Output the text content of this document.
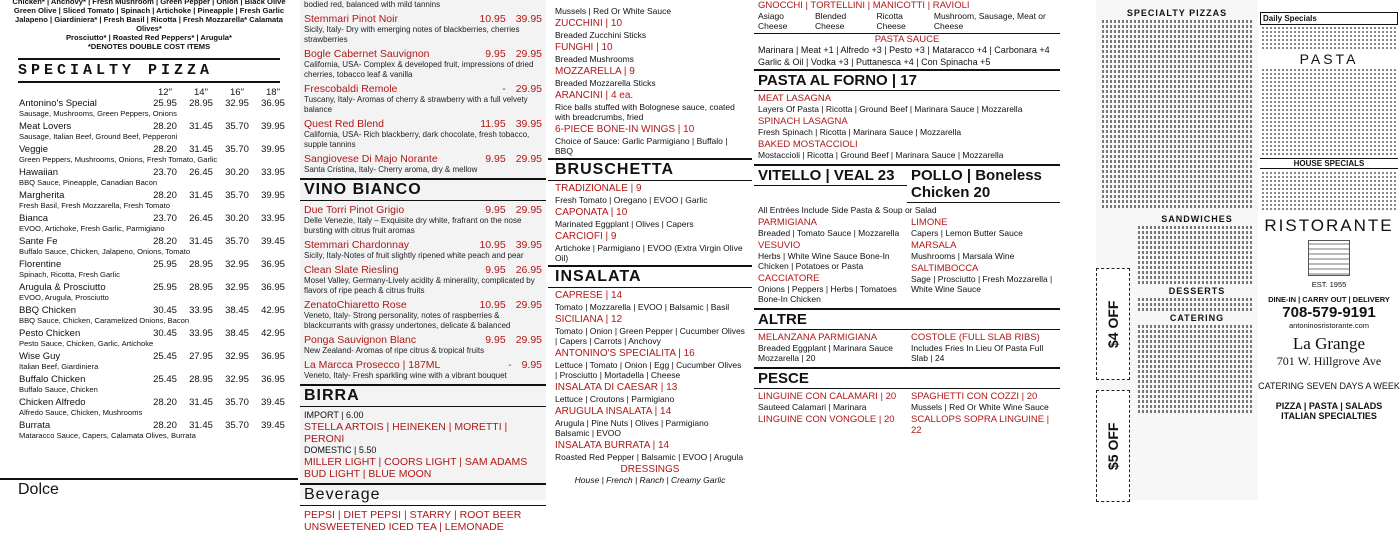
Chicken* | Anchovy* | Fresh Mushroom | Green Pepper | Onion | Black Olive
Green Olive | Sliced Tomato | Spinach | Artichoke | Pineapple | Fresh Garlic
Jalapeno | Giardiniera* | Fresh Basil | Ricotta | Fresh Mozzarella* Calamata Olives*
Prosciutto* | Roasted Red Peppers* | Arugula*
*DENOTES DOUBLE COST ITEMS
SPECIALTY PIZZA
12"	14"	16"	18"
Antonino's Special	25.95	28.95	32.95	36.95
Sausage, Mushrooms, Green Peppers, Onions
Meat Lovers	28.20	31.45	35.70	39.95
Sausage, Italian Beef, Ground Beef, Pepperoni
Veggie	28.20	31.45	35.70	39.95
Green Peppers, Mushrooms, Onions, Fresh Tomato, Garlic
Hawaiian	23.70	26.45	30.20	33.95
BBQ Sauce, Pineapple, Canadian Bacon
Margherita	28.20	31.45	35.70	39.95
Fresh Basil, Fresh Mozzarella, Fresh Tomato
Bianca	23.70	26.45	30.20	33.95
EVOO, Artichoke, Fresh Garlic, Parmigiano
Sante Fe	28.20	31.45	35.70	39.45
Buffalo Sauce, Chicken, Jalapeno, Onions, Tomato
Florentine	25.95	28.95	32.95	36.95
Spinach, Ricotta, Fresh Garlic
Arugula & Prosciutto	25.95	28.95	32.95	36.95
EVOO, Arugula, Prosciutto
BBQ Chicken	30.45	33.95	38.45	42.95
BBQ Sauce, Chicken, Caramelized Onions, Bacon
Pesto Chicken	30.45	33.95	38.45	42.95
Pesto Sauce, Chicken, Garlic, Artichoke
Wise Guy	25.45	27.95	32.95	36.95
Italian Beef, Giardiniera
Buffalo Chicken	25.45	28.95	32.95	36.95
Buffalo Sauce, Chicken
Chicken Alfredo	28.20	31.45	35.70	39.45
Alfredo Sauce, Chicken, Mushrooms
Burrata	28.20	31.45	35.70	39.45
Mataracco Sauce, Capers, Calamata Olives, Burrata
Dolce
bodied red, balanced with mild tannins
Stemmari Pinot Noir	10.95 39.95
Sicily, Italy- Dry with emerging notes of blackberries, cherries strawberries
Bogle Cabernet Sauvignon	9.95 29.95
California, USA- Complex & developed fruit, impressions of dried cherries, tobacco leaf & vanilla
Frescobaldi Remole	- 29.95
Tuscany, Italy- Aromas of cherry & strawberry with a full velvety balance
Quest Red Blend	11.95 39.95
California, USA- Rich blackberry, dark chocolate, fresh tobacco, supple tannins
Sangiovese Di Majo Norante	9.95 29.95
Santa Cristina, Italy- Cherry aroma, dry & mellow
VINO BIANCO
Due Torri Pinot Grigio	9.95 29.95
Delle Venezie, Italy – Exquisite dry white, frafrant on the nose bursting with citrus fruit aromas
Stemmari Chardonnay	10.95 39.95
Sicily, Italy-Notes of fruit slightly ripened white peach and pear
Clean Slate Riesling	9.95 26.95
Mosel Valley, Germany-Lively acidity & minerality, complicated by flavors of ripe peach & citrus fruits
ZenatoChiaretto Rose	10.95 29.95
Veneto, Italy- Strong personality, notes of raspberries & blackcurrants with grassy undertones, delicate & balanced
Ponga Sauvignon Blanc	9.95 29.95
New Zealand- Aromas of ripe citrus & tropical fruits
La Marcca Prosecco | 187ML	- 9.95
Veneto, Italy- Fresh sparkling wine with a vibrant bouquet
BIRRA
IMPORT | 6.00
STELLA ARTOIS | HEINEKEN | MORETTI | PERONI
DOMESTIC | 5.50
MILLER LIGHT | COORS LIGHT | SAM ADAMS
BUD LIGHT | BLUE MOON
Beverage
PEPSI | DIET PEPSI | STARRY | ROOT BEER
UNSWEETENED ICED TEA | LEMONADE
Mussels | Red Or White Sauce
ZUCCHINI | 10
Breaded Zucchini Sticks
FUNGHI | 10
Breaded Mushrooms
MOZZARELLA | 9
Breaded Mozzarella Sticks
ARANCINI | 4 ea.
Rice balls stuffed with Bolognese sauce, coated with breadcrumbs, fried
6-PIECE BONE-IN WINGS | 10
Choice of Sauce: Garlic Parmigiano | Buffalo | BBQ
BRUSCHETTA
TRADIZIONALE | 9
Fresh Tomato | Oregano | EVOO | Garlic
CAPONATA | 10
Marinated Eggplant | Olives | Capers
CARCIOFI | 9
Artichoke | Parmigiano | EVOO (Extra Virgin Olive Oil)
INSALATA
CAPRESE | 14
Tomato | Mozzarella | EVOO | Balsamic | Basil
SICILIANA | 12
Tomato | Onion | Green Pepper | Cucumber Olives | Capers | Carrots | Anchovy
ANTONINO'S SPECIALITA | 16
Lettuce | Tomato | Onion | Egg | Cucumber Olives | Prosciutto | Mortadella | Cheese
INSALATA DI CAESAR | 13
Lettuce | Croutons | Parmigiano
ARUGULA INSALATA | 14
Arugula | Pine Nuts | Olives | Parmigiano Balsamic | EVOO
INSALATA BURRATA | 14
Roasted Red Pepper | Balsamic | EVOO | Arugula
DRESSINGS
House | French | Ranch | Creamy Garlic
GNOCCHI | TORTELLINI | MANICOTTI | RAVIOLI
Asiago Cheese
Blended Cheese
Ricotta Cheese
Mushroom, Sausage, Meat or Cheese
PASTA SAUCE
Marinara | Meat +1 | Alfredo +3 | Pesto +3 | Mataracco +4 | Carbonara +4
Garlic & Oil | Vodka +3 | Puttanesca +4 | Con Spinacha +5
PASTA AL FORNO | 17
MEAT LASAGNA
Layers Of Pasta | Ricotta | Ground Beef | Marinara Sauce | Mozzarella
SPINACH LASAGNA
Fresh Spinach | Ricotta | Marinara Sauce | Mozzarella
BAKED MOSTACCIOLI
Mostaccioli | Ricotta | Ground Beef | Marinara Sauce | Mozzarella
VITELLO | VEAL 23	POLLO | Boneless Chicken 20
All Entrées Include Side Pasta & Soup or Salad
PARMIGIANA
Breaded | Tomato Sauce | Mozzarella
VESUVIO
Herbs | White Wine Sauce Bone-In Chicken | Potatoes or Pasta
CACCIATORE
Onions | Peppers | Herbs | Tomatoes Bone-In Chicken
LIMONE
Capers | Lemon Butter Sauce
MARSALA
Mushrooms | Marsala Wine
SALTIMBOCCA
Sage | Prosciutto | Fresh Mozzarella | White Wine Sauce
ALTRE
MELANZANA PARMIGIANA
Breaded Eggplant | Marinara Sauce Mozzarella | 20
COSTOLE (FULL SLAB RIBS)
Includes Fries In Lieu Of Pasta Full Slab | 24
PESCE
LINGUINE CON CALAMARI | 20
Sauteed Calamari | Marinara
LINGUINE CON VONGOLE | 20
SPAGHETTI CON COZZI | 20
Mussels | Red Or White Wine Sauce
SCALLOPS SOPRA LINGUINE | 22
SPECIALTY PIZZAS
SANDWICHES
DESSERTS
CATERING
$4 OFF
$5 OFF
Daily Specials
PASTA
HOUSE SPECIALS
RISTORANTE
EST. 1955
DINE-IN | CARRY OUT | DELIVERY
708-579-9191
antoninosristorante.com
La Grange
701 W. Hillgrove Ave
CATERING SEVEN DAYS A WEEK
PIZZA | PASTA | SALADS
ITALIAN SPECIALTIES
